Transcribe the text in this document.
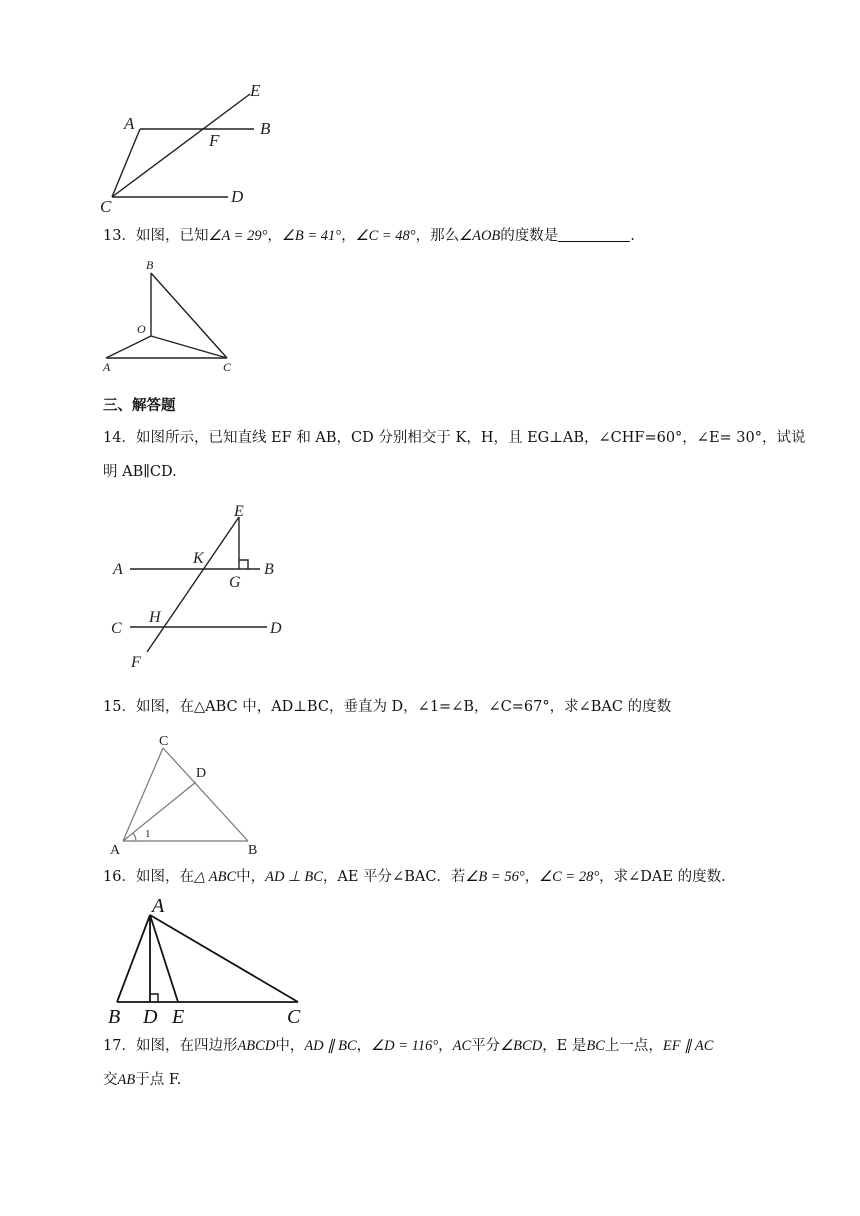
E
A	B
F
C
D
13．如图，已知∠A = 29°，∠B = 41°，∠C = 48°，那么∠AOB的度数是	.
B
O
A	C
三、解答题
14．如图所示，已知直线 EF 和 AB，CD 分别相交于 K，H，且 EG⊥AB，∠CHF=60°，∠E= 30°，试说
明 AB∥CD.
E
A
K
G
B
C
H
D
F
15．如图，在△ABC 中，AD⊥BC，垂直为 D，∠1=∠B，∠C=67°，求∠BAC 的度数
C
D
A	B
1
16．如图，在△ ABC中，AD ⊥ BC，AE 平分∠BAC．若∠B = 56°，∠C = 28°，求∠DAE 的度数.
A
B D E	C
17．如图，在四边形ABCD中，AD ∥ BC，∠D = 116°，AC平分∠BCD，E 是BC上一点，EF ∥ AC
交AB于点 F.
